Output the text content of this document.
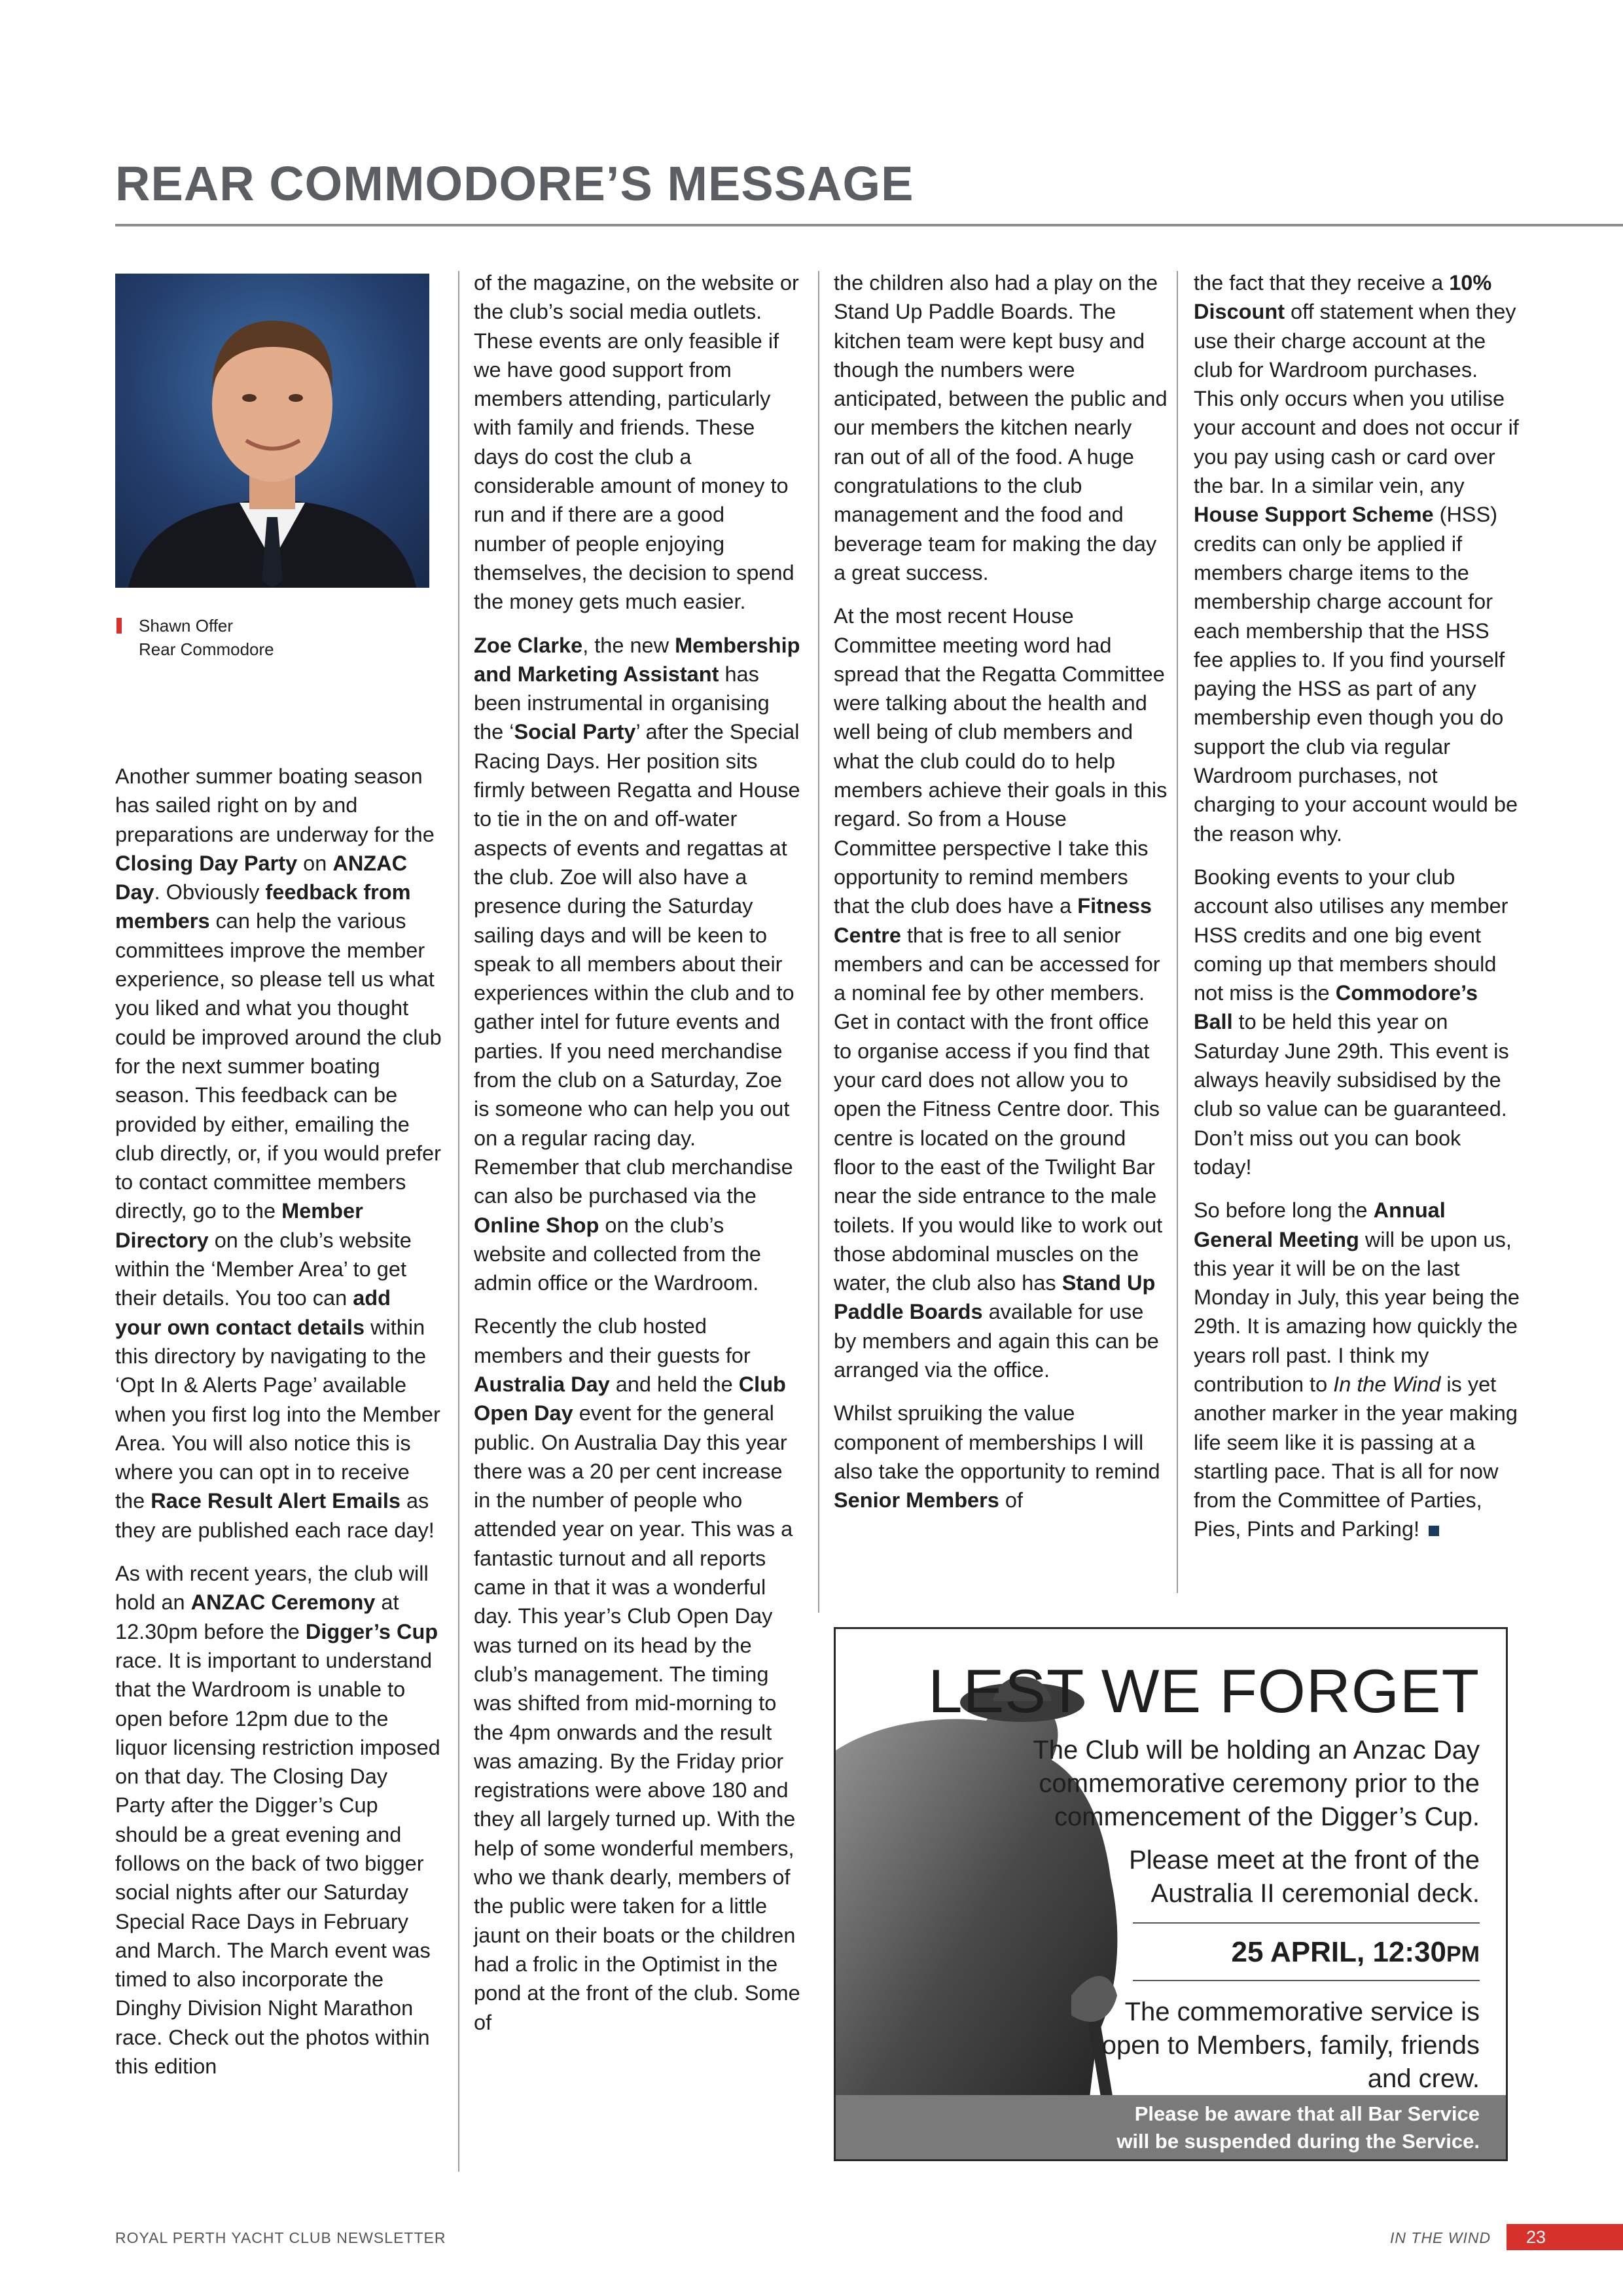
REAR COMMODORE’S MESSAGE
Shawn Offer
Rear Commodore

Another summer boating season has sailed right on by and preparations are underway for the Closing Day Party on ANZAC Day. Obviously feedback from members can help the various committees improve the member experience, so please tell us what you liked and what you thought could be improved around the club for the next summer boating season. This feedback can be provided by either, emailing the club directly, or, if you would prefer to contact committee members directly, go to the Member Directory on the club’s website within the ‘Member Area’ to get their details. You too can add your own contact details within this directory by navigating to the ‘Opt In & Alerts Page’ available when you first log into the Member Area. You will also notice this is where you can opt in to receive the Race Result Alert Emails as they are published each race day!

As with recent years, the club will hold an ANZAC Ceremony at 12.30pm before the Digger’s Cup race. It is important to understand that the Wardroom is unable to open before 12pm due to the liquor licensing restriction imposed on that day. The Closing Day Party after the Digger’s Cup should be a great evening and follows on the back of two bigger social nights after our Saturday Special Race Days in February and March. The March event was timed to also incorporate the Dinghy Division Night Marathon race. Check out the photos within this edition

of the magazine, on the website or the club’s social media outlets. These events are only feasible if we have good support from members attending, particularly with family and friends. These days do cost the club a considerable amount of money to run and if there are a good number of people enjoying themselves, the decision to spend the money gets much easier.

Zoe Clarke, the new Membership and Marketing Assistant has been instrumental in organising the ‘Social Party’ after the Special Racing Days. Her position sits firmly between Regatta and House to tie in the on and off-water aspects of events and regattas at the club. Zoe will also have a presence during the Saturday sailing days and will be keen to speak to all members about their experiences within the club and to gather intel for future events and parties. If you need merchandise from the club on a Saturday, Zoe is someone who can help you out on a regular racing day. Remember that club merchandise can also be purchased via the Online Shop on the club’s website and collected from the admin office or the Wardroom.

Recently the club hosted members and their guests for Australia Day and held the Club Open Day event for the general public. On Australia Day this year there was a 20 per cent increase in the number of people who attended year on year. This was a fantastic turnout and all reports came in that it was a wonderful day. This year’s Club Open Day was turned on its head by the club’s management. The timing was shifted from mid-morning to the 4pm onwards and the result was amazing. By the Friday prior registrations were above 180 and they all largely turned up. With the help of some wonderful members, who we thank dearly, members of the public were taken for a little jaunt on their boats or the children had a frolic in the Optimist in the pond at the front of the club. Some of

the children also had a play on the Stand Up Paddle Boards. The kitchen team were kept busy and though the numbers were anticipated, between the public and our members the kitchen nearly ran out of all of the food. A huge congratulations to the club management and the food and beverage team for making the day a great success.

At the most recent House Committee meeting word had spread that the Regatta Committee were talking about the health and well being of club members and what the club could do to help members achieve their goals in this regard. So from a House Committee perspective I take this opportunity to remind members that the club does have a Fitness Centre that is free to all senior members and can be accessed for a nominal fee by other members. Get in contact with the front office to organise access if you find that your card does not allow you to open the Fitness Centre door. This centre is located on the ground floor to the east of the Twilight Bar near the side entrance to the male toilets. If you would like to work out those abdominal muscles on the water, the club also has Stand Up Paddle Boards available for use by members and again this can be arranged via the office.

Whilst spruiking the value component of memberships I will also take the opportunity to remind Senior Members of

the fact that they receive a 10% Discount off statement when they use their charge account at the club for Wardroom purchases. This only occurs when you utilise your account and does not occur if you pay using cash or card over the bar. In a similar vein, any House Support Scheme (HSS) credits can only be applied if members charge items to the membership charge account for each membership that the HSS fee applies to. If you find yourself paying the HSS as part of any membership even though you do support the club via regular Wardroom purchases, not charging to your account would be the reason why.

Booking events to your club account also utilises any member HSS credits and one big event coming up that members should not miss is the Commodore’s Ball to be held this year on Saturday June 29th. This event is always heavily subsidised by the club so value can be guaranteed. Don’t miss out you can book today!

So before long the Annual General Meeting will be upon us, this year it will be on the last Monday in July, this year being the 29th. It is amazing how quickly the years roll past. I think my contribution to In the Wind is yet another marker in the year making life seem like it is passing at a startling pace. That is all for now from the Committee of Parties, Pies, Pints and Parking!

LEST WE FORGET

The Club will be holding an Anzac Day commemorative ceremony prior to the commencement of the Digger’s Cup.

Please meet at the front of the Australia II ceremonial deck.

25 APRIL, 12:30PM

The commemorative service is open to Members, family, friends and crew.

Please be aware that all Bar Service
will be suspended during the Service.
ROYAL PERTH YACHT CLUB NEWSLETTER	IN THE WIND	23
